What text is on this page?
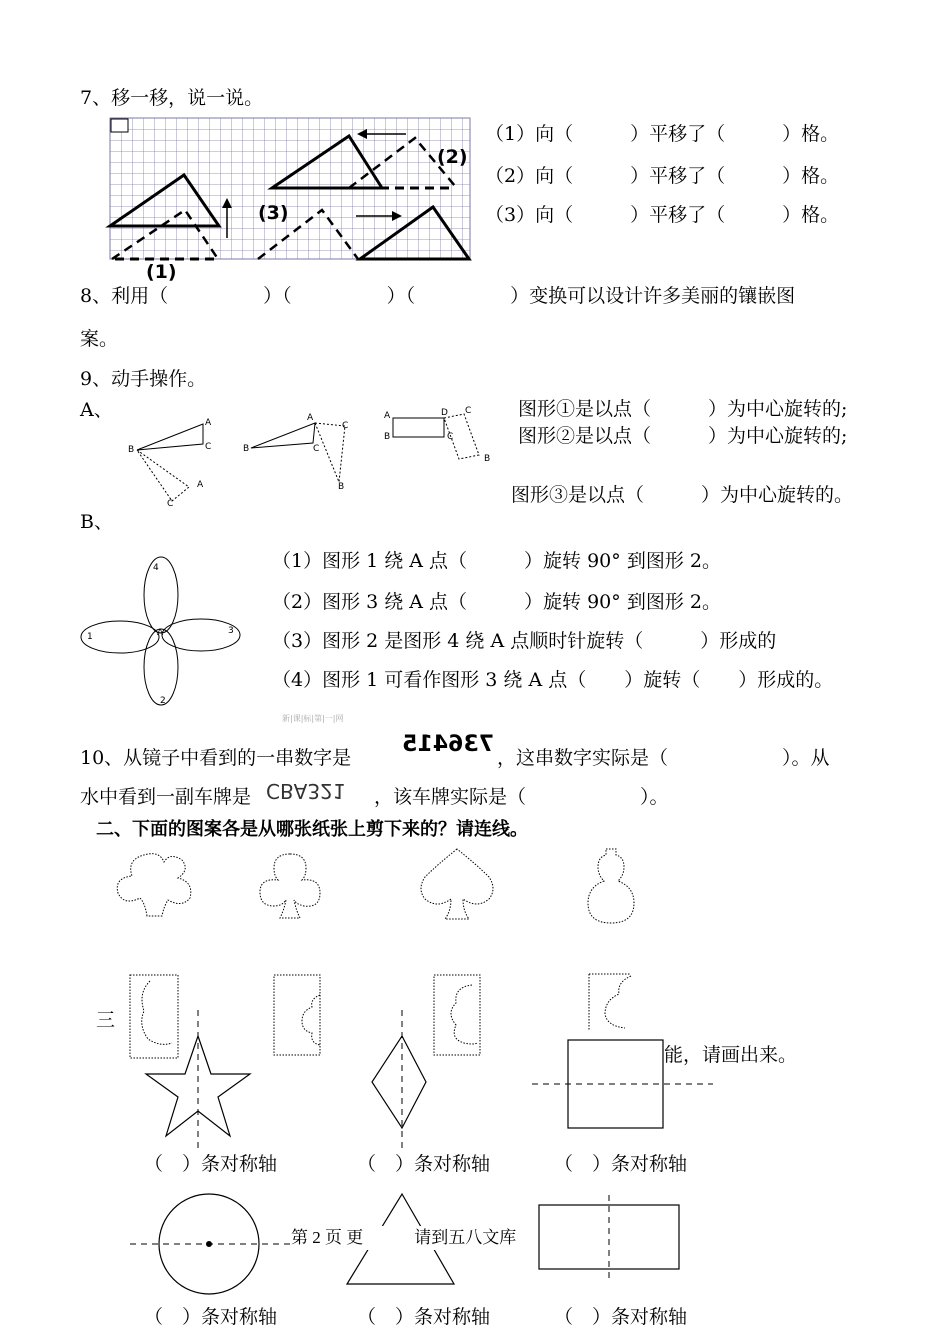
7、移一移，说一说。
(1)
(2)
(3)
（1）向（　　　）平移了（　　　）格。
（2）向（　　　）平移了（　　　）格。
（3）向（　　　）平移了（　　　）格。
8、利用（　　　　　）（　　　　　）（　　　　　）变换可以设计许多美丽的镶嵌图
案。
9、动手操作。
A、
B
A
C
A
C
B
A
C
C
B
A
B
D C
C
B
图形①是以点（　　　）为中心旋转的;
图形②是以点（　　　）为中心旋转的;
图形③是以点（　　　）为中心旋转的。
B、
1
2
3
4
A
（1）图形 1 绕 A 点（　　　）旋转 90° 到图形 2。
（2）图形 3 绕 A 点（　　　）旋转 90° 到图形 2。
（3）图形 2 是图形 4 绕 A 点顺时针旋转（　　　）形成的
（4）图形 1 可看作图形 3 绕 A 点（　　）旋转（　　）形成的。
新|课|标|第|一|网
10、从镜子中看到的一串数字是
736415
，这串数字实际是（　　　　　　）。从
水中看到一副车牌是 CBA321 ，该车牌实际是（　　　　　　）。
二、下面的图案各是从哪张纸张上剪下来的？请连线。
三
能，请画出来。
（　）条对称轴	（　）条对称轴	（　）条对称轴
第 2 页 更　　　请到五八文库
（　）条对称轴	（　）条对称轴	（　）条对称轴
